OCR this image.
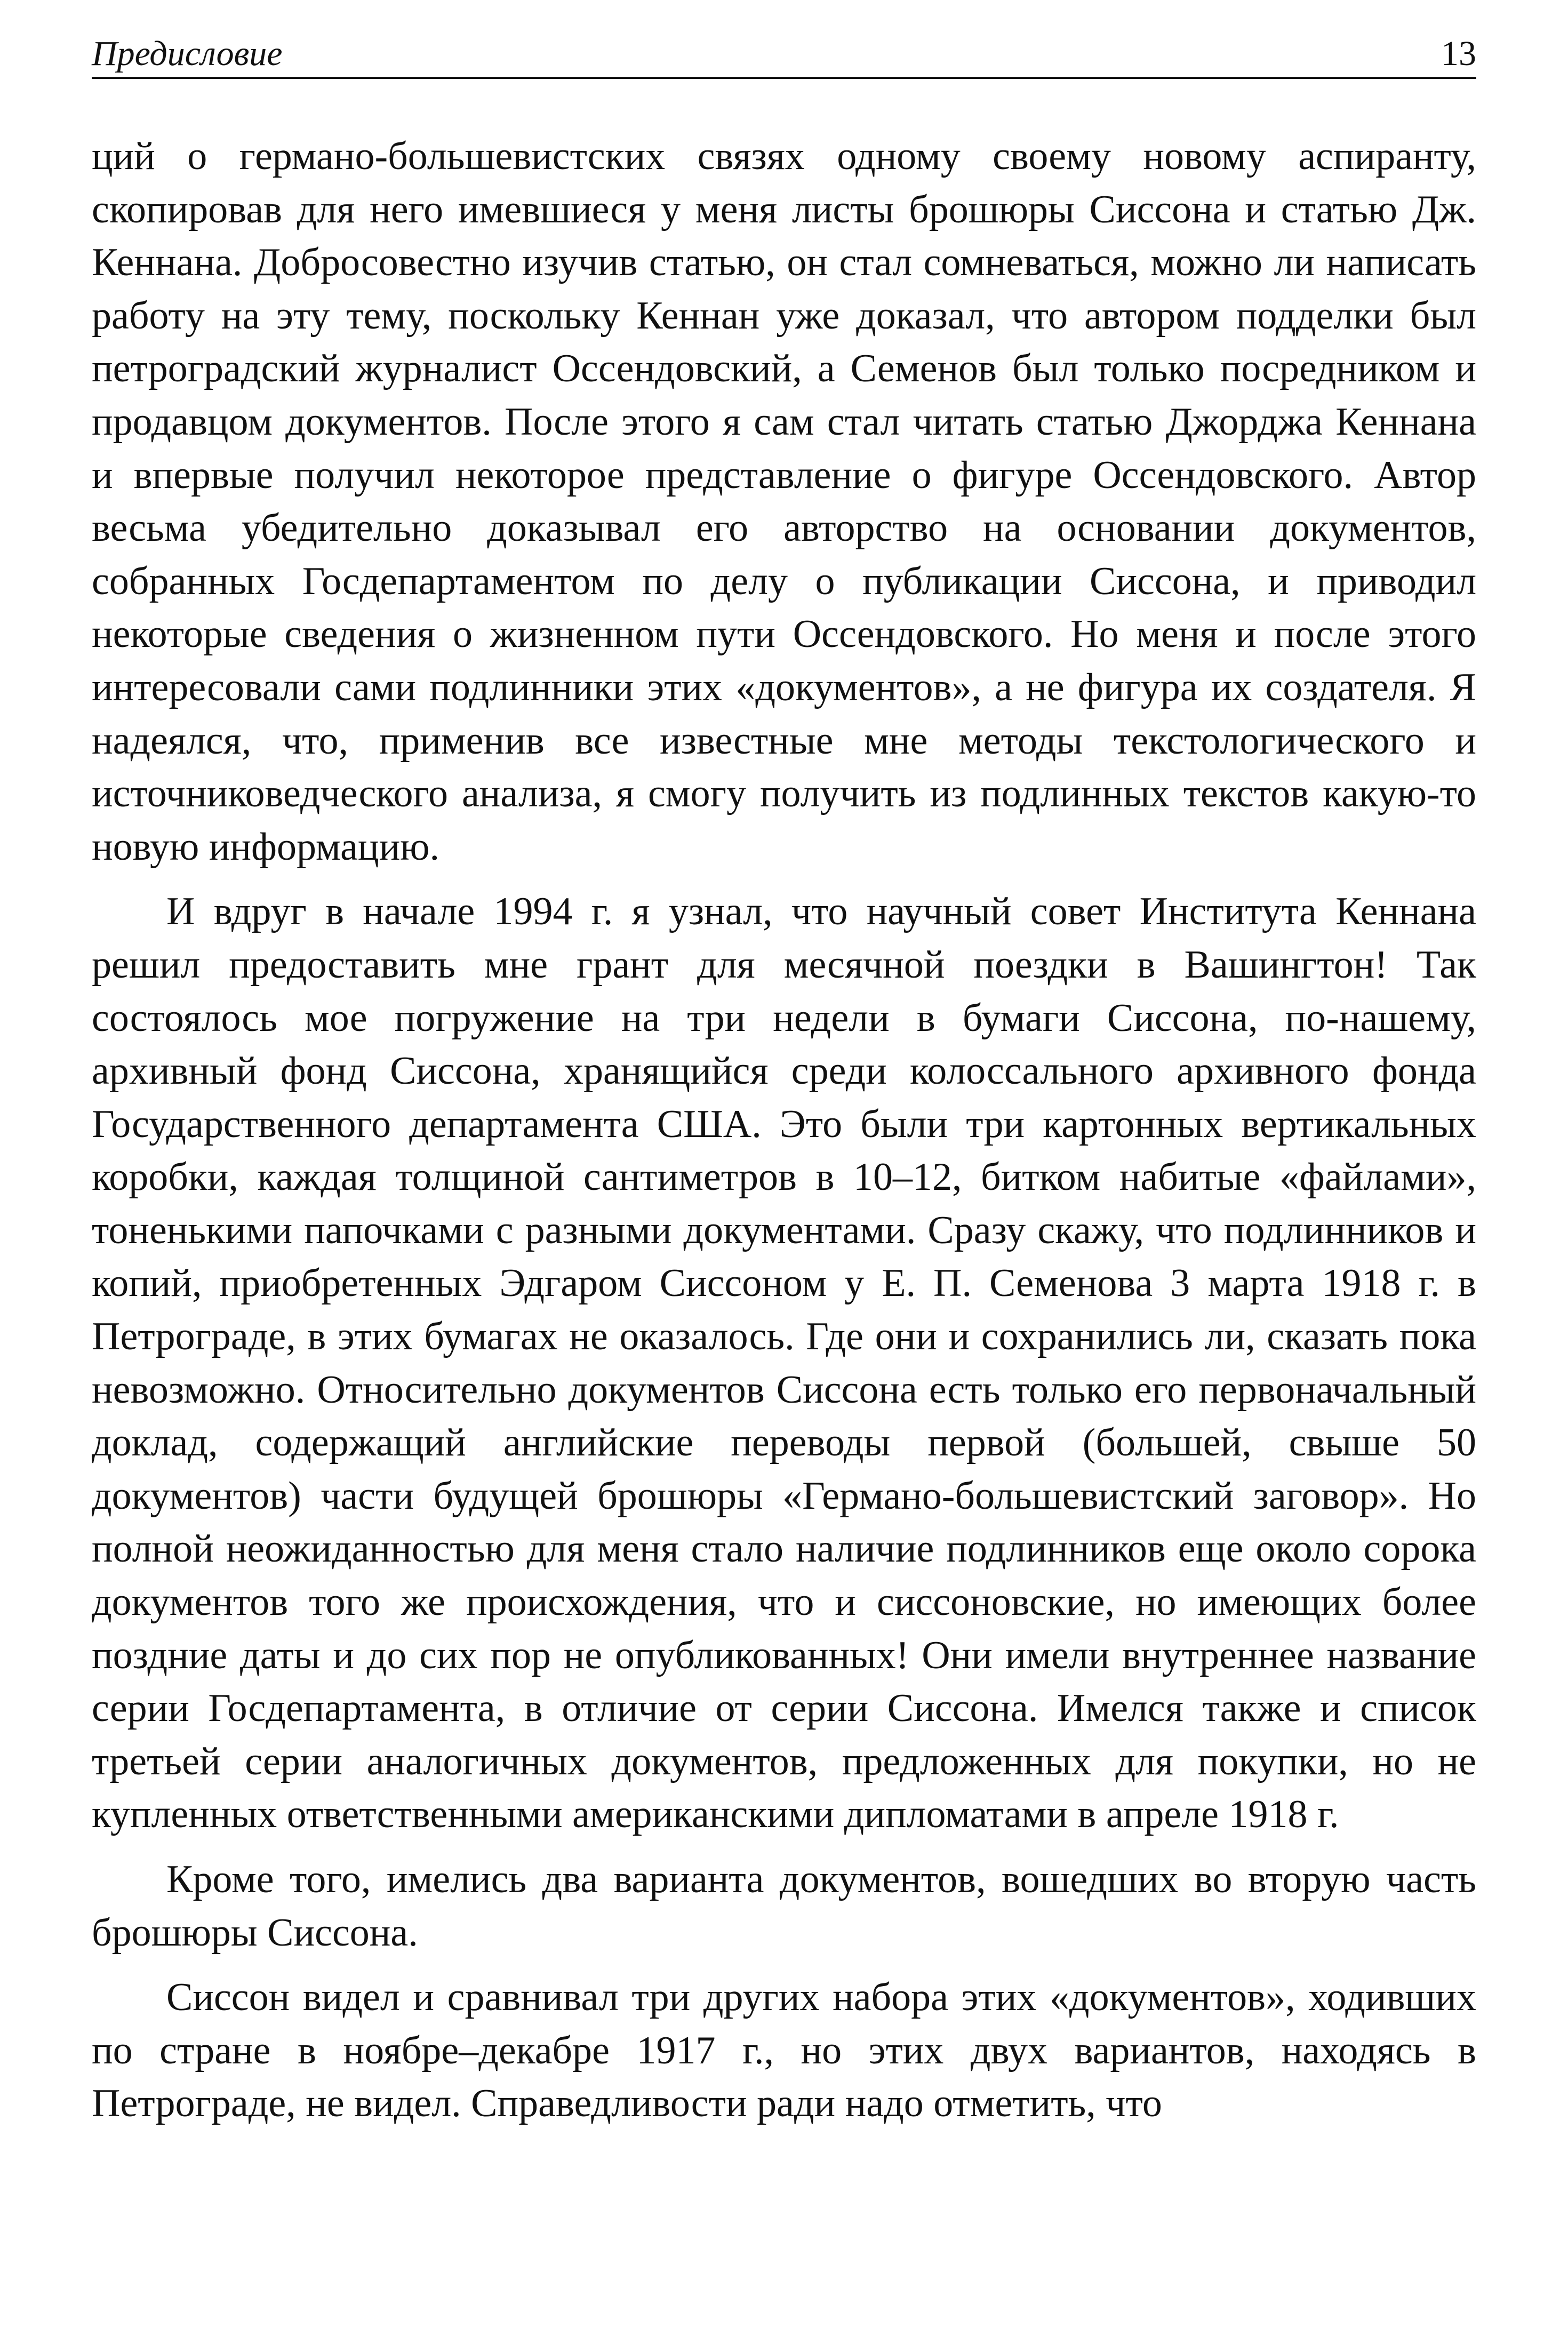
Предисловие	13

ций о германо-большевистских связях одному своему новому аспиранту, скопировав для него имевшиеся у меня листы брошюры Сиссона и статью Дж. Кеннана. Добросовестно изучив статью, он стал сомневаться, можно ли написать работу на эту тему, поскольку Кеннан уже доказал, что автором подделки был петроградский журналист Оссендовский, а Семенов был только посредником и продавцом документов. После этого я сам стал читать статью Джорджа Кеннана и впервые получил некоторое представление о фигуре Оссендовского. Автор весьма убедительно доказывал его авторство на основании документов, собранных Госдепартаментом по делу о публикации Сиссона, и приводил некоторые сведения о жизненном пути Оссендовского. Но меня и после этого интересовали сами подлинники этих «документов», а не фигура их создателя. Я надеялся, что, применив все известные мне методы текстологического и источниковедческого анализа, я смогу получить из подлинных текстов какую-то новую информацию.

И вдруг в начале 1994 г. я узнал, что научный совет Института Кеннана решил предоставить мне грант для месячной поездки в Вашингтон! Так состоялось мое погружение на три недели в бумаги Сиссона, по-нашему, архивный фонд Сиссона, хранящийся среди колоссального архивного фонда Государственного департамента США. Это были три картонных вертикальных коробки, каждая толщиной сантиметров в 10–12, битком набитые «файлами», тоненькими папочками с разными документами. Сразу скажу, что подлинников и копий, приобретенных Эдгаром Сиссоном у Е. П. Семенова 3 марта 1918 г. в Петрограде, в этих бумагах не оказалось. Где они и сохранились ли, сказать пока невозможно. Относительно документов Сиссона есть только его первоначальный доклад, содержащий английские переводы первой (большей, свыше 50 документов) части будущей брошюры «Германо-большевистский заговор». Но полной неожиданностью для меня стало наличие подлинников еще около сорока документов того же происхождения, что и сиссоновские, но имеющих более поздние даты и до сих пор не опубликованных! Они имели внутреннее название серии Госдепартамента, в отличие от серии Сиссона. Имелся также и список третьей серии аналогичных документов, предложенных для покупки, но не купленных ответственными американскими дипломатами в апреле 1918 г.

Кроме того, имелись два варианта документов, вошедших во вторую часть брошюры Сиссона.

Сиссон видел и сравнивал три других набора этих «документов», ходивших по стране в ноябре–декабре 1917 г., но этих двух вариантов, находясь в Петрограде, не видел. Справедливости ради надо отметить, что
